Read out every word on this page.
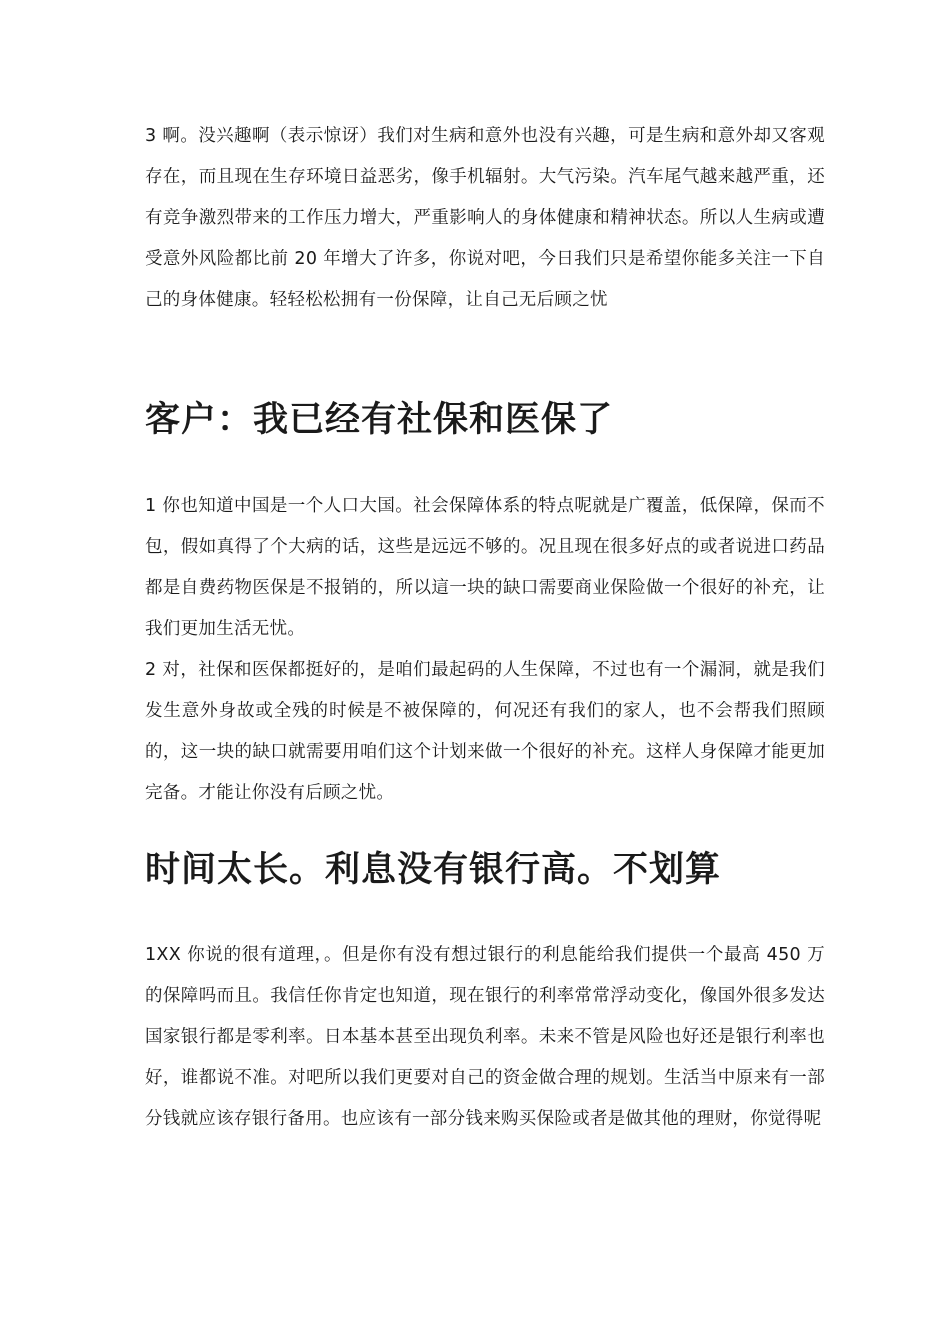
3 啊。没兴趣啊（表示惊讶）我们对生病和意外也没有兴趣，可是生病和意外却又客观存在，而且现在生存环境日益恶劣，像手机辐射。大气污染。汽车尾气越来越严重，还有竞争激烈带来的工作压力增大，严重影响人的身体健康和精神状态。所以人生病或遭受意外风险都比前 20 年增大了许多，你说对吧，今日我们只是希望你能多关注一下自己的身体健康。轻轻松松拥有一份保障，让自己无后顾之忧

客户：我已经有社保和医保了

1 你也知道中国是一个人口大国。社会保障体系的特点呢就是广覆盖，低保障，保而不包，假如真得了个大病的话，这些是远远不够的。况且现在很多好点的或者说进口药品都是自费药物医保是不报销的，所以這一块的缺口需要商业保险做一个很好的补充，让我们更加生活无忧。

2 对，社保和医保都挺好的，是咱们最起码的人生保障，不过也有一个漏洞，就是我们发生意外身故或全残的时候是不被保障的，何况还有我们的家人，也不会帮我们照顾的，这一块的缺口就需要用咱们这个计划来做一个很好的补充。这样人身保障才能更加完备。才能让你没有后顾之忧。

时间太长。利息没有银行高。不划算

1XX 你说的很有道理，。但是你有没有想过银行的利息能给我们提供一个最高 450 万的保障吗而且。我信任你肯定也知道，现在银行的利率常常浮动变化，像国外很多发达国家银行都是零利率。日本基本甚至出现负利率。未来不管是风险也好还是银行利率也好，谁都说不准。对吧所以我们更要对自己的资金做合理的规划。生活当中原来有一部分钱就应该存银行备用。也应该有一部分钱来购买保险或者是做其他的理财，你觉得呢
